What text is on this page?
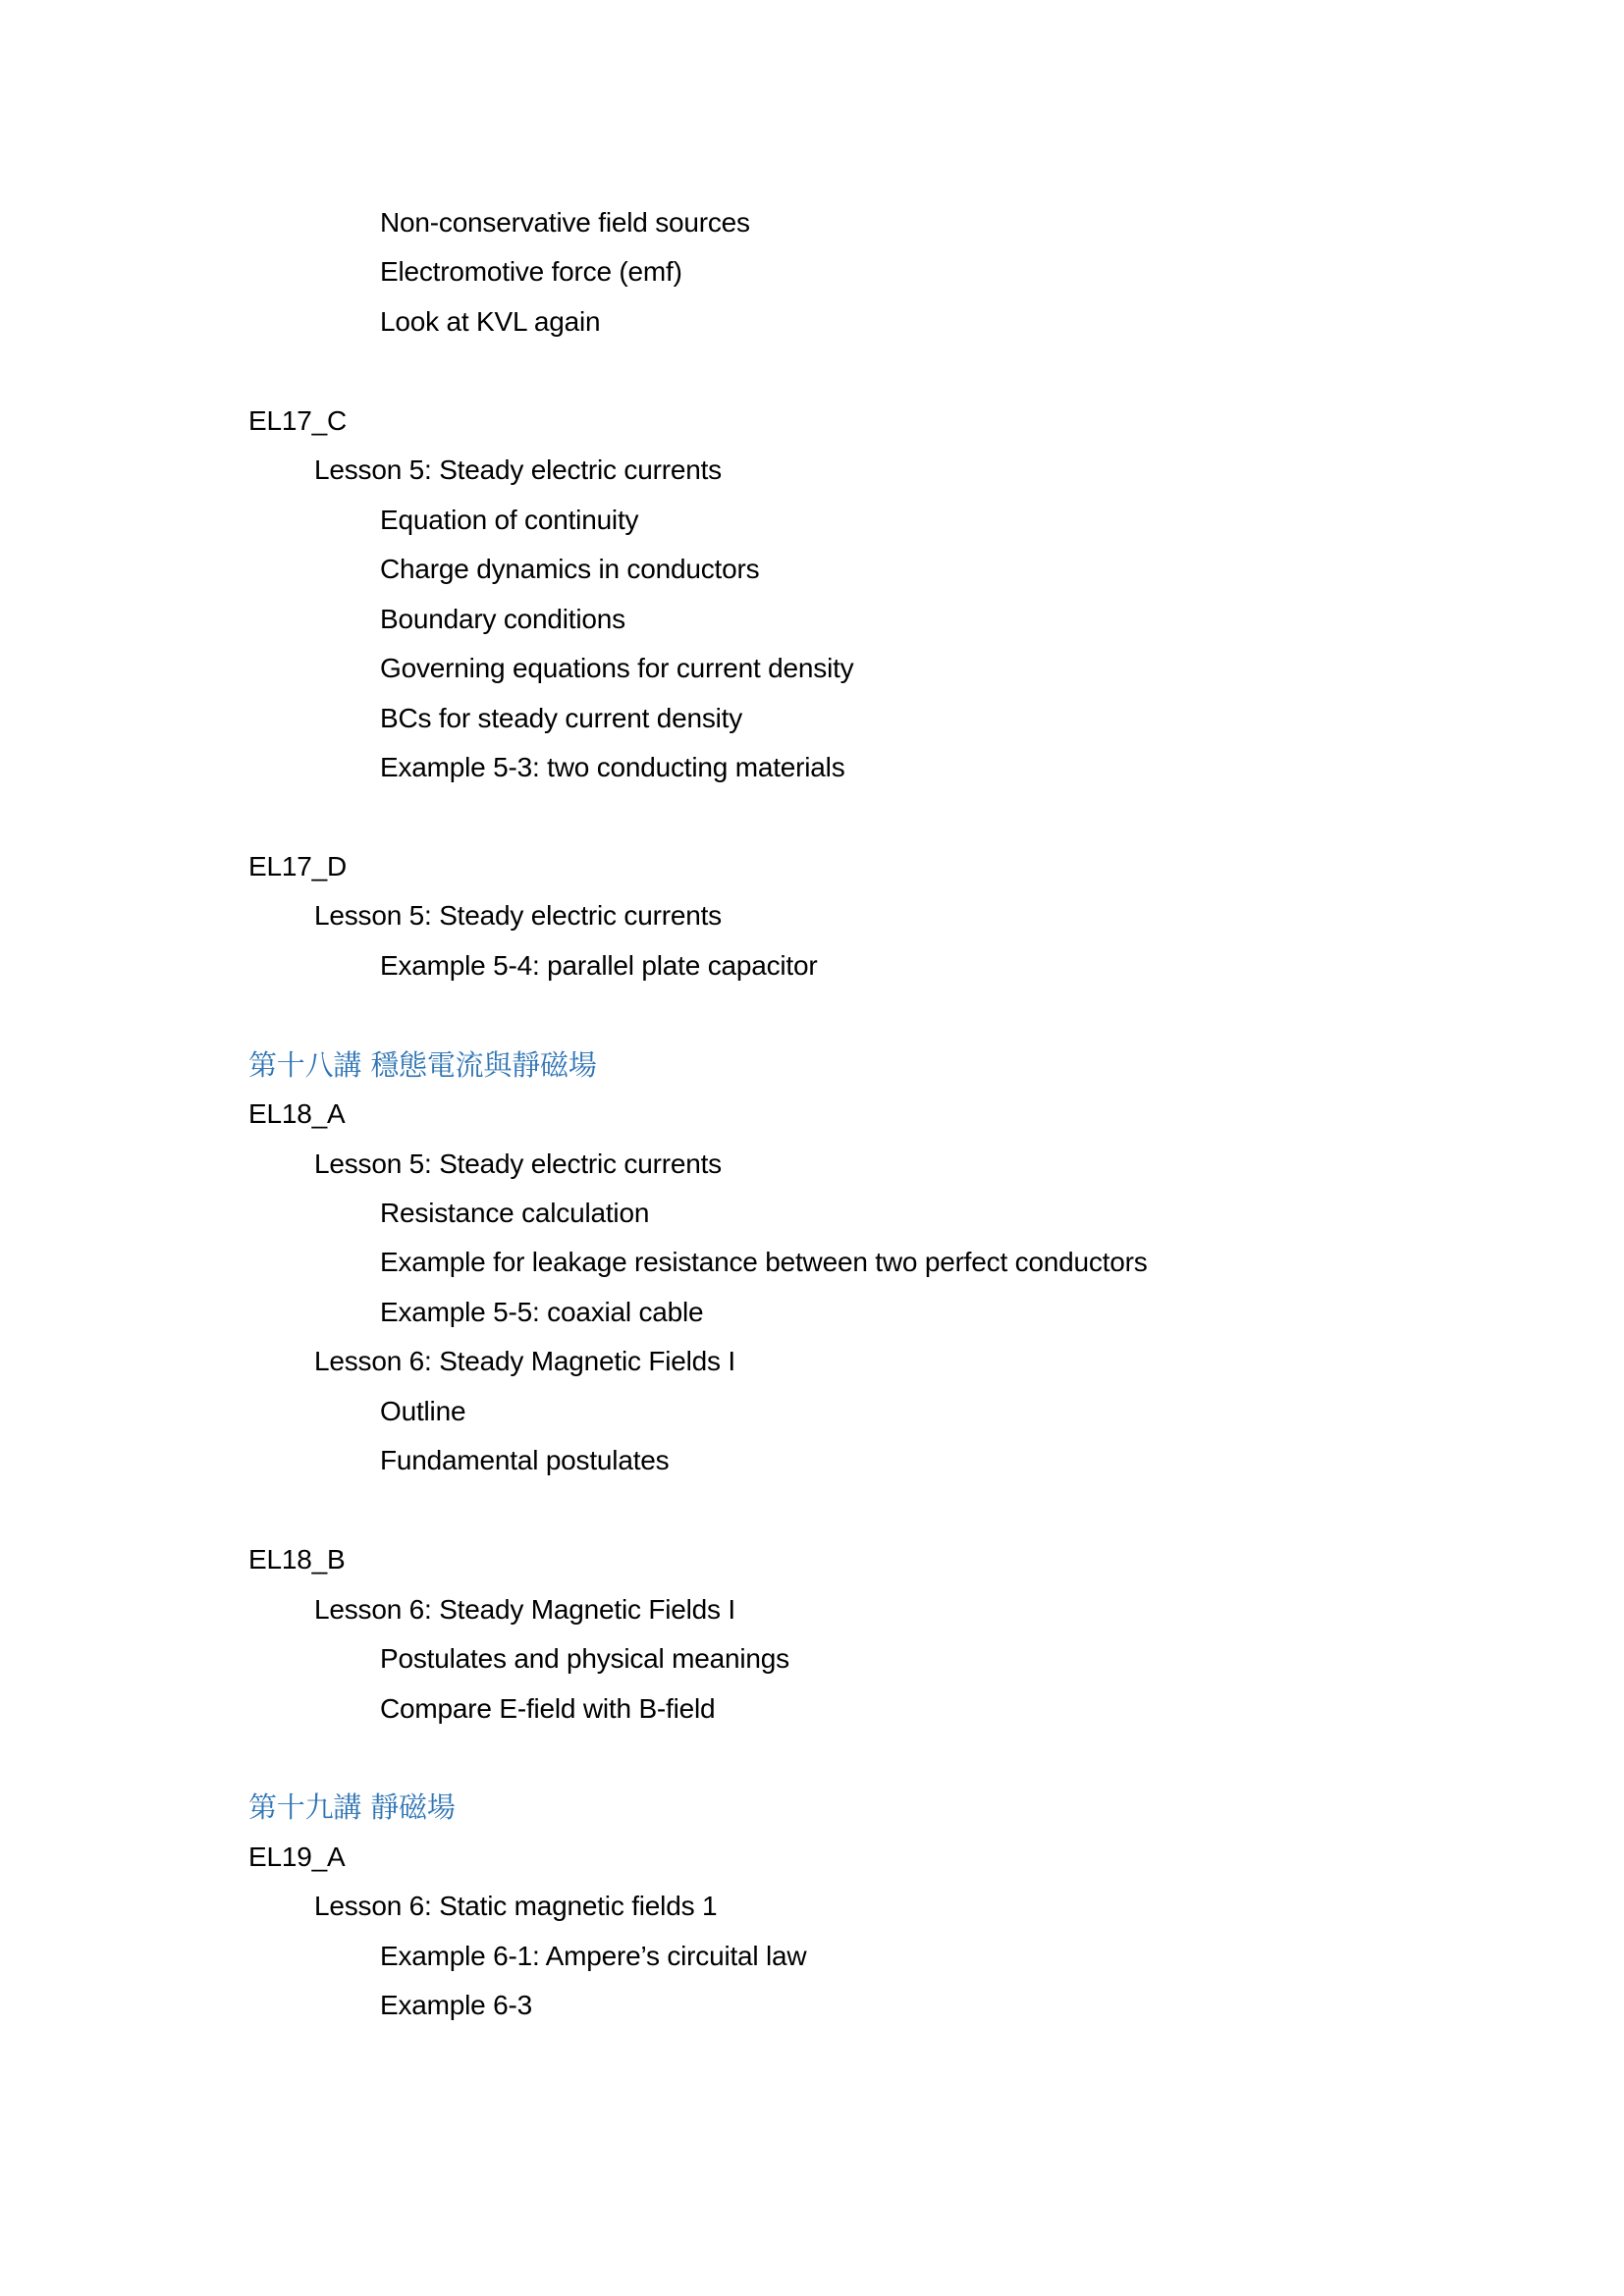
Non-conservative field sources
Electromotive force (emf)
Look at KVL again
EL17_C
Lesson 5: Steady electric currents
Equation of continuity
Charge dynamics in conductors
Boundary conditions
Governing equations for current density
BCs for steady current density
Example 5-3: two conducting materials
EL17_D
Lesson 5: Steady electric currents
Example 5-4: parallel plate capacitor
第十八講 穩態電流與靜磁場
EL18_A
Lesson 5: Steady electric currents
Resistance calculation
Example for leakage resistance between two perfect conductors
Example 5-5: coaxial cable
Lesson 6: Steady Magnetic Fields I
Outline
Fundamental postulates
EL18_B
Lesson 6: Steady Magnetic Fields I
Postulates and physical meanings
Compare E-field with B-field
第十九講 靜磁場
EL19_A
Lesson 6: Static magnetic fields 1
Example 6-1: Ampere’s circuital law
Example 6-3
